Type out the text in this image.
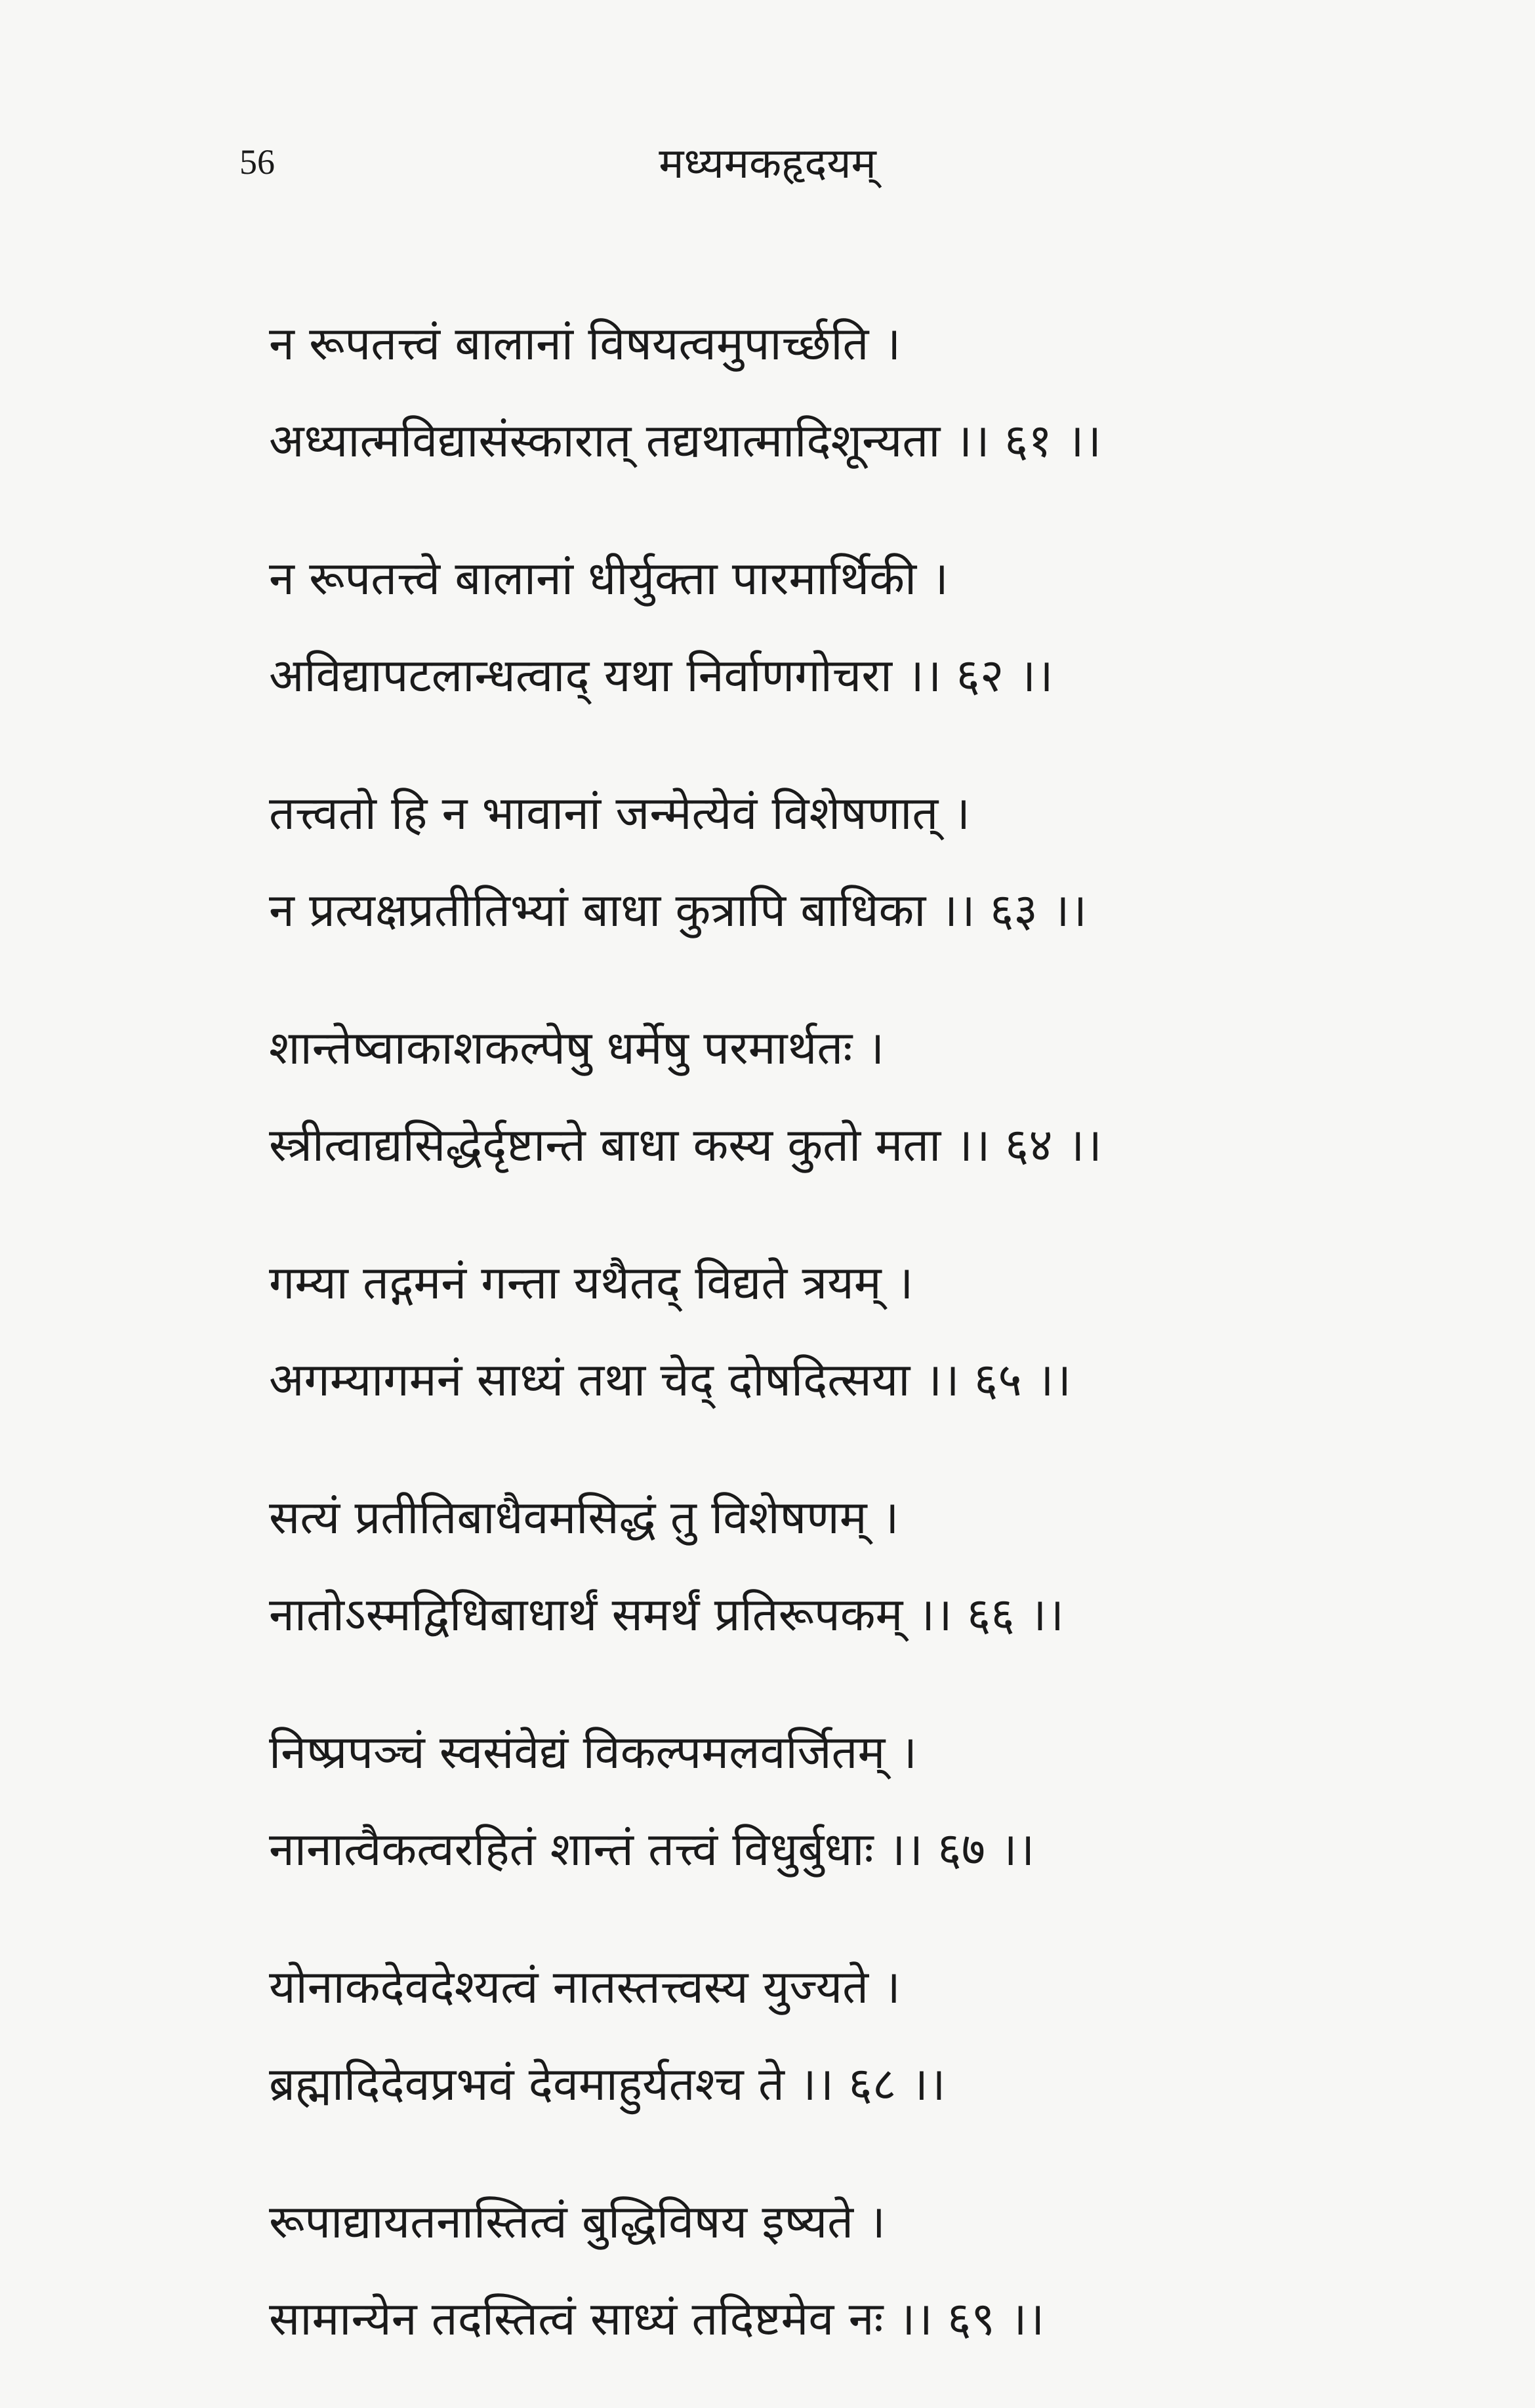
56	मध्यमकहृदयम्
न रूपतत्त्वं बालानां विषयत्वमुपार्च्छति ।
अध्यात्मविद्यासंस्कारात् तद्यथात्मादिशून्यता ।। ६१ ।।
न रूपतत्त्वे बालानां धीर्युक्ता पारमार्थिकी ।
अविद्यापटलान्धत्वाद् यथा निर्वाणगोचरा ।। ६२ ।।
तत्त्वतो हि न भावानां जन्मेत्येवं विशेषणात् ।
न प्रत्यक्षप्रतीतिभ्यां बाधा कुत्रापि बाधिका ।। ६३ ।।
शान्तेष्वाकाशकल्पेषु धर्मेषु परमार्थतः ।
स्त्रीत्वाद्यसिद्धेर्दृष्टान्ते बाधा कस्य कुतो मता ।। ६४ ।।
गम्या तद्गमनं गन्ता यथैतद् विद्यते त्रयम् ।
अगम्यागमनं साध्यं तथा चेद् दोषदित्सया ।। ६५ ।।
सत्यं प्रतीतिबाधैवमसिद्धं तु विशेषणम् ।
नातोऽस्मद्विधिबाधार्थं समर्थं प्रतिरूपकम् ।। ६६ ।।
निष्प्रपञ्चं स्वसंवेद्यं विकल्पमलवर्जितम् ।
नानात्वैकत्वरहितं शान्तं तत्त्वं विधुर्बुधाः ।। ६७ ।।
योनाकदेवदेश्यत्वं नातस्तत्त्वस्य युज्यते ।
ब्रह्मादिदेवप्रभवं देवमाहुर्यतश्च ते ।। ६८ ।।
रूपाद्यायतनास्तित्वं बुद्धिविषय इष्यते ।
सामान्येन तदस्तित्वं साध्यं तदिष्टमेव नः ।। ६९ ।।
